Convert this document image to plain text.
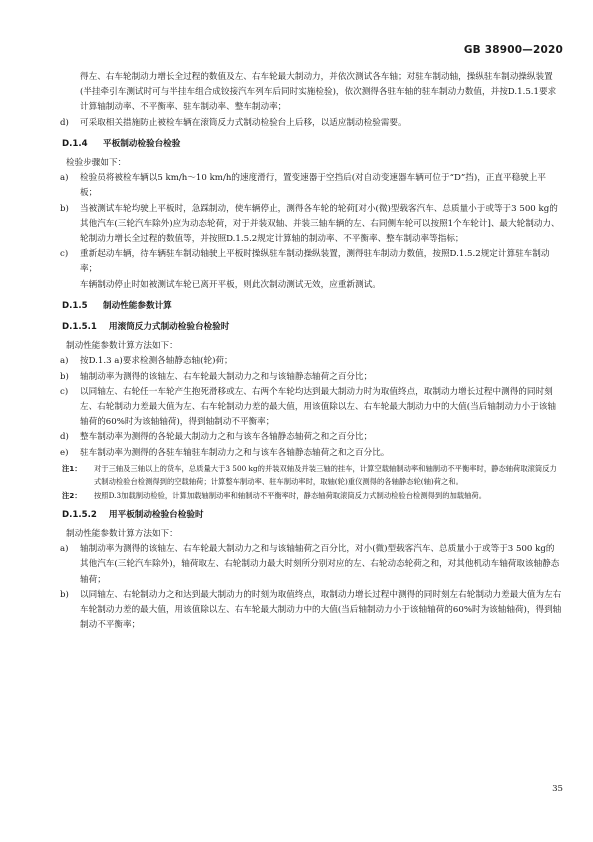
GB 38900—2020

得左、右车轮制动力增长全过程的数值及左、右车轮最大制动力，并依次测试各车轴；对驻车制动轴，操纵驻车制动操纵装置(半挂牵引车测试时可与半挂车组合成铰接汽车列车后同时实施检验)，依次测得各驻车轴的驻车制动力数值，并按D.1.5.1要求计算轴制动率、不平衡率、驻车制动率、整车制动率；

d)	可采取相关措施防止被检车辆在滚筒反力式制动检验台上后移，以适应制动检验需要。
D.1.4 平板制动检验台检验

检验步骤如下：

a)	检验员将被检车辆以5 km/h～10 km/h的速度滑行，置变速器于空挡后(对自动变速器车辆可位于“D”挡)，正直平稳驶上平板；
b)	当被测试车轮均驶上平板时，急踩制动，使车辆停止，测得各车轮的轮荷[对小(微)型载客汽车、总质量小于或等于3 500 kg的其他汽车(三轮汽车除外)应为动态轮荷，对于并装双轴、并装三轴车辆的左、右同侧车轮可以按照1个车轮计]、最大轮制动力、轮制动力增长全过程的数值等，并按照D.1.5.2规定计算轴的制动率、不平衡率、整车制动率等指标；
c)	重新起动车辆，待车辆驻车制动轴驶上平板时操纵驻车制动操纵装置，测得驻车制动力数值，按照D.1.5.2规定计算驻车制动率；

车辆制动停止时如被测试车轮已离开平板，则此次制动测试无效，应重新测试。

D.1.5 制动性能参数计算
D.1.5.1 用滚筒反力式制动检验台检验时

制动性能参数计算方法如下：

a)	按D.1.3 a)要求检测各轴静态轴(轮)荷；
b)	轴制动率为测得的该轴左、右车轮最大制动力之和与该轴静态轴荷之百分比；
c)	以同轴左、右轮任一车轮产生抱死滑移或左、右两个车轮均达到最大制动力时为取值终点，取制动力增长过程中测得的同时刻左、右轮制动力差最大值为左、右车轮制动力差的最大值，用该值除以左、右车轮最大制动力中的大值(当后轴制动力小于该轴轴荷的60%时为该轴轴荷)，得到轴制动不平衡率；
d)	整车制动率为测得的各轮最大制动力之和与该车各轴静态轴荷之和之百分比；
e)	驻车制动率为测得的各驻车轴驻车制动力之和与该车各轴静态轴荷之和之百分比。
注1：	对于三轴及三轴以上的货车，总质量大于3 500 kg的并装双轴及并装三轴的挂车，计算空载轴制动率和轴制动不平衡率时，静态轴荷取滚筒反力式制动检验台检测得到的空载轴荷；计算整车制动率、驻车制动率时，取轴(轮)重仪测得的各轴静态轮(轴)荷之和。
注2：	按照D.3加载制动检验，计算加载轴制动率和轴制动不平衡率时，静态轴荷取滚筒反力式制动检验台检测得到的加载轴荷。
D.1.5.2 用平板制动检验台检验时

制动性能参数计算方法如下：

a)	轴制动率为测得的该轴左、右车轮最大制动力之和与该轴轴荷之百分比，对小(微)型载客汽车、总质量小于或等于3 500 kg的其他汽车(三轮汽车除外)，轴荷取左、右轮制动力最大时刻所分别对应的左、右轮动态轮荷之和，对其他机动车轴荷取该轴静态轴荷；
b)	以同轴左、右轮制动力之和达到最大制动力的时刻为取值终点，取制动力增长过程中测得的同时刻左右轮制动力差最大值为左右车轮制动力差的最大值，用该值除以左、右车轮最大制动力中的大值(当后轴制动力小于该轴轴荷的60%时为该轴轴荷)，得到轴制动不平衡率；
35
